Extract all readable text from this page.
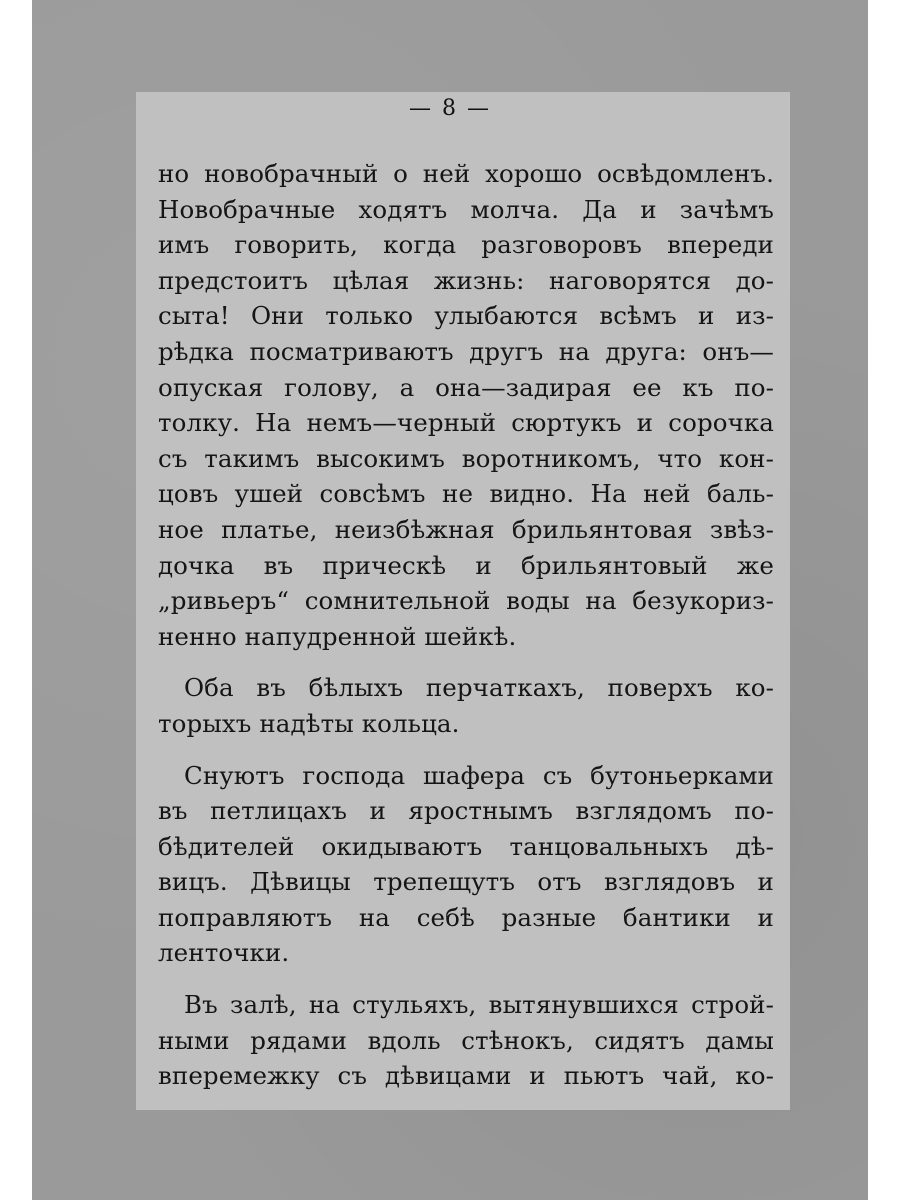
— 8 —
но новобрачный о ней хорошо освѣдомленъ.
Новобрачные ходятъ молча. Да и зачѣмъ
имъ говорить, когда разговоровъ впереди
предстоитъ цѣлая жизнь: наговорятся до-
сыта! Они только улыбаются всѣмъ и из-
рѣдка посматриваютъ другъ на друга: онъ—
опуская голову, а она—задирая ее къ по-
толку. На немъ—черный сюртукъ и сорочка
съ такимъ высокимъ воротникомъ, что кон-
цовъ ушей совсѣмъ не видно. На ней баль-
ное платье, неизбѣжная брильянтовая звѣз-
дочка въ прическѣ и брильянтовый же
„ривьеръ“ сомнительной воды на безукориз-
ненно напудренной шейкѣ.
Оба въ бѣлыхъ перчаткахъ, поверхъ ко-
торыхъ надѣты кольца.
Снуютъ господа шафера съ бутоньерками
въ петлицахъ и яростнымъ взглядомъ по-
бѣдителей окидываютъ танцовальныхъ дѣ-
вицъ. Дѣвицы трепещутъ отъ взглядовъ и
поправляютъ на себѣ разные бантики и
ленточки.
Въ залѣ, на стульяхъ, вытянувшихся строй-
ными рядами вдоль стѣнокъ, сидятъ дамы
вперемежку съ дѣвицами и пьютъ чай, ко-
